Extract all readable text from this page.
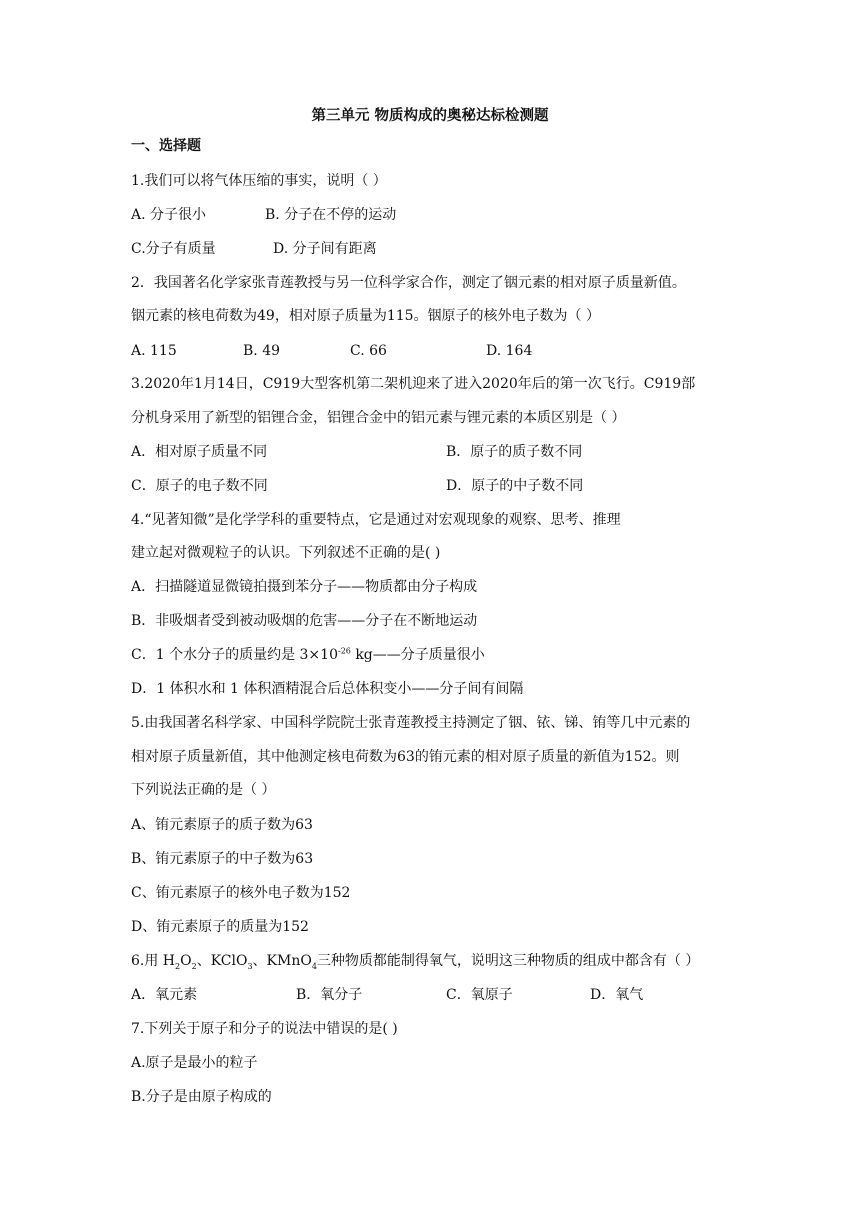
第三单元 物质构成的奥秘达标检测题
一、选择题
1.我们可以将气体压缩的事实，说明（ ）
A. 分子很小	B. 分子在不停的运动
C.分子有质量	D. 分子间有距离
2．我国著名化学家张青莲教授与另一位科学家合作，测定了铟元素的相对原子质量新值。
铟元素的核电荷数为49，相对原子质量为115。铟原子的核外电子数为（ ）
A. 115	B. 49	C. 66	D. 164
3.2020年1月14日，C919大型客机第二架机迎来了进入2020年后的第一次飞行。C919部
分机身采用了新型的铝锂合金，铝锂合金中的铝元素与锂元素的本质区别是（ ）
A．相对原子质量不同	B．原子的质子数不同
C．原子的电子数不同	D．原子的中子数不同
4.“见著知微”是化学学科的重要特点，它是通过对宏观现象的观察、思考、推理
建立起对微观粒子的认识。下列叙述不正确的是( )
A．扫描隧道显微镜拍摄到苯分子——物质都由分子构成
B．非吸烟者受到被动吸烟的危害——分子在不断地运动
C．1 个水分子的质量约是 $3\times 10^{-26}$ kg——分子质量很小
D．1 体积水和 1 体积酒精混合后总体积变小——分子间有间隔
5.由我国著名科学家、中国科学院院士张青莲教授主持测定了铟、铱、锑、铕等几中元素的
相对原子质量新值，其中他测定核电荷数为63的铕元素的相对原子质量的新值为152。则
下列说法正确的是（ ）
A、铕元素原子的质子数为63
B、铕元素原子的中子数为63
C、铕元素原子的核外电子数为152
D、铕元素原子的质量为152
6.用 $H_2O_2$、KClO$_3$、KMnO$_4$三种物质都能制得氧气，说明这三种物质的组成中都含有（ ）
A．氧元素	B．氧分子	C．氧原子	D．氧气
7.下列关于原子和分子的说法中错误的是( )
A.原子是最小的粒子
B.分子是由原子构成的
